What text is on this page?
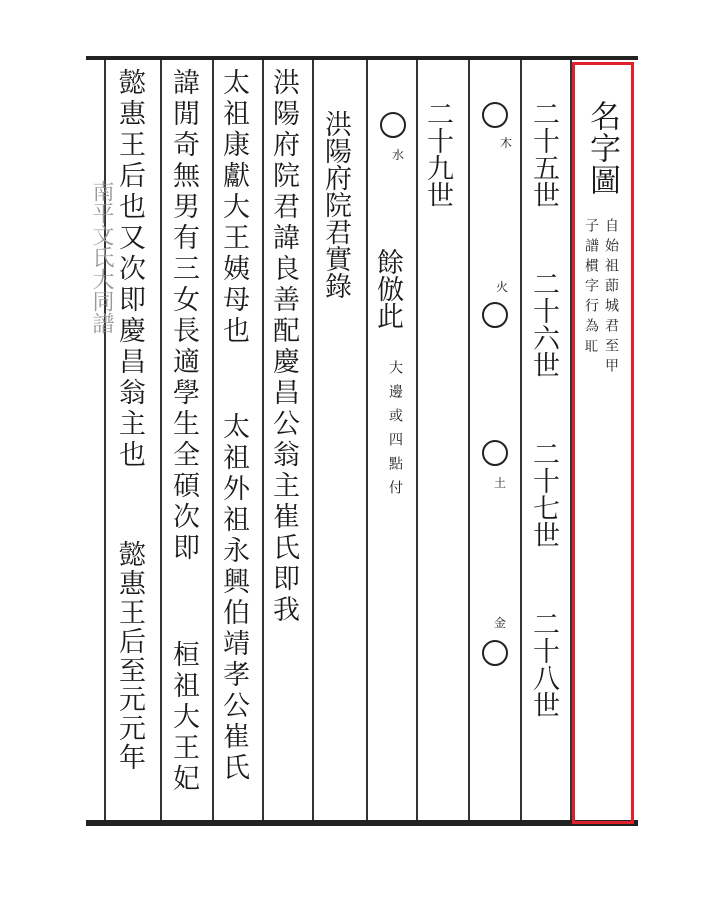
南平文氏大同譜
名字圖
自始祖莭城君至甲
子譜樌字行為𦔮
二十五世
二十六世
二十七世
二十八世
木
火
土
金
二十九世
水
餘倣此
大邊或四點付
洪陽府院君實錄
洪陽府院君諱良善配慶昌公翁主崔氏即我
太祖康獻大王姨母也
太祖外祖永興伯靖孝公崔氏
諱閒奇無男有三女長適學生全碩次即
桓祖大王妃
懿惠王后也又次即慶昌翁主也
懿惠王后至元元年
